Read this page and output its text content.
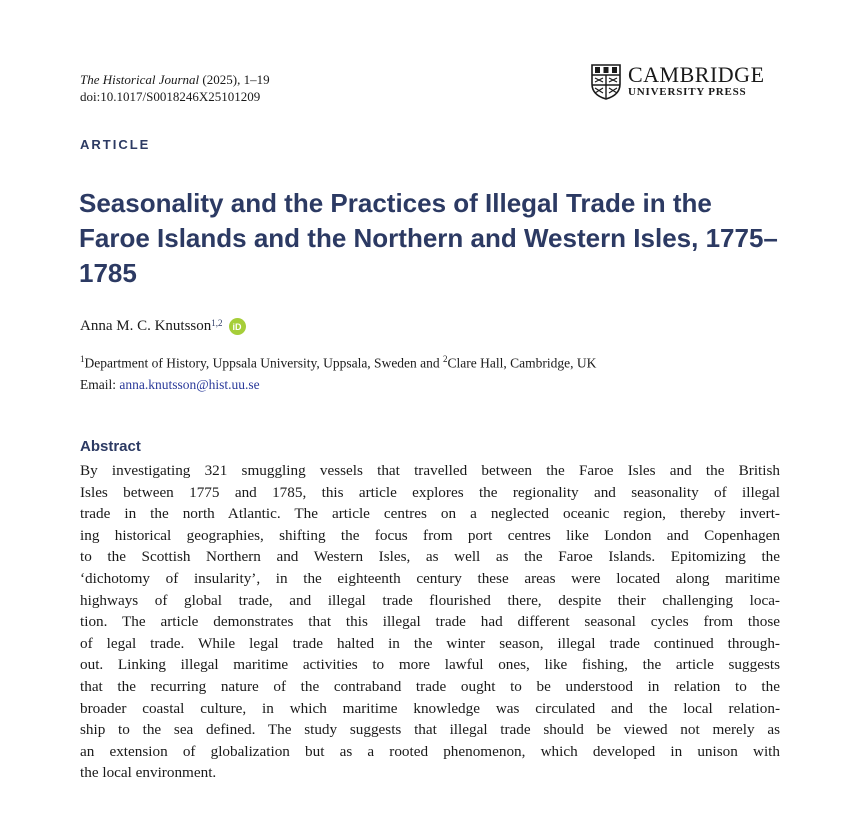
The Historical Journal (2025), 1–19
doi:10.1017/S0018246X25101209
CAMBRIDGE
UNIVERSITY PRESS
ARTICLE
Seasonality and the Practices of Illegal Trade in the Faroe Islands and the Northern and Western Isles, 1775–1785
Anna M. C. Knutsson$^{1,2}$	iD
$^1$Department of History, Uppsala University, Uppsala, Sweden and $^2$Clare Hall, Cambridge, UK
Email: anna.knutsson@hist.uu.se
Abstract
By investigating 321 smuggling vessels that travelled between the Faroe Isles and the British
Isles between 1775 and 1785, this article explores the regionality and seasonality of illegal
trade in the north Atlantic. The article centres on a neglected oceanic region, thereby invert-
ing historical geographies, shifting the focus from port centres like London and Copenhagen
to the Scottish Northern and Western Isles, as well as the Faroe Islands. Epitomizing the
‘dichotomy of insularity’, in the eighteenth century these areas were located along maritime
highways of global trade, and illegal trade flourished there, despite their challenging loca-
tion. The article demonstrates that this illegal trade had different seasonal cycles from those
of legal trade. While legal trade halted in the winter season, illegal trade continued through-
out. Linking illegal maritime activities to more lawful ones, like fishing, the article suggests
that the recurring nature of the contraband trade ought to be understood in relation to the
broader coastal culture, in which maritime knowledge was circulated and the local relation-
ship to the sea defined. The study suggests that illegal trade should be viewed not merely as
an extension of globalization but as a rooted phenomenon, which developed in unison with
the local environment.
